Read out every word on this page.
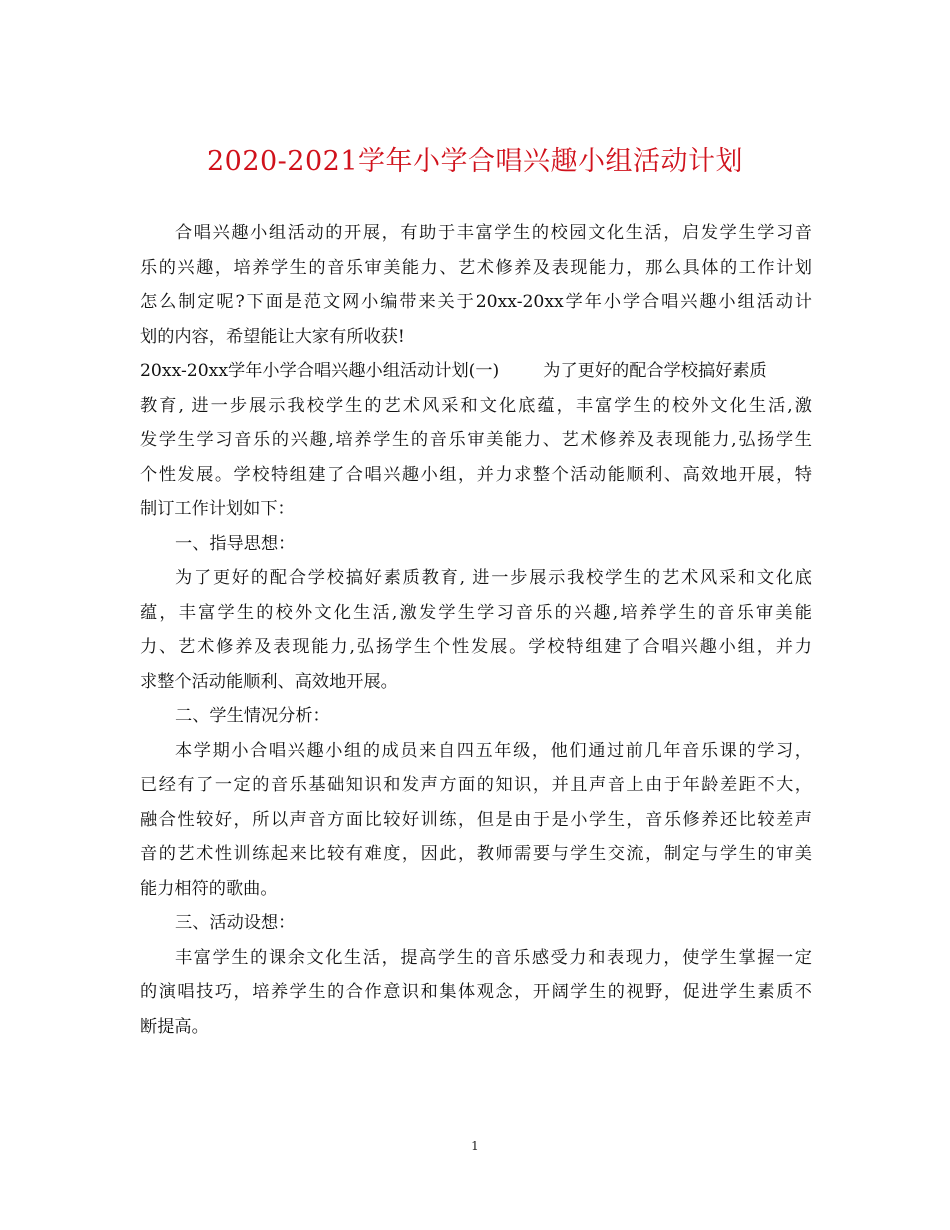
2020-2021学年小学合唱兴趣小组活动计划
合唱兴趣小组活动的开展，有助于丰富学生的校园文化生活，启发学生学习音
乐的兴趣，培养学生的音乐审美能力、艺术修养及表现能力，那么具体的工作计划
怎么制定呢?下面是范文网小编带来关于20xx-20xx学年小学合唱兴趣小组活动计
划的内容，希望能让大家有所收获!
20xx-20xx学年小学合唱兴趣小组活动计划(一)	为了更好的配合学校搞好素质
教育, 进一步展示我校学生的艺术风采和文化底蕴，丰富学生的校外文化生活,激
发学生学习音乐的兴趣,培养学生的音乐审美能力、艺术修养及表现能力,弘扬学生
个性发展。学校特组建了合唱兴趣小组，并力求整个活动能顺利、高效地开展，特
制订工作计划如下：
一、指导思想：
为了更好的配合学校搞好素质教育, 进一步展示我校学生的艺术风采和文化底
蕴，丰富学生的校外文化生活,激发学生学习音乐的兴趣,培养学生的音乐审美能
力、艺术修养及表现能力,弘扬学生个性发展。学校特组建了合唱兴趣小组，并力
求整个活动能顺利、高效地开展。
二、学生情况分析：
本学期小合唱兴趣小组的成员来自四五年级，他们通过前几年音乐课的学习，
已经有了一定的音乐基础知识和发声方面的知识，并且声音上由于年龄差距不大，
融合性较好，所以声音方面比较好训练，但是由于是小学生，音乐修养还比较差声
音的艺术性训练起来比较有难度，因此，教师需要与学生交流，制定与学生的审美
能力相符的歌曲。
三、活动设想：
丰富学生的课余文化生活，提高学生的音乐感受力和表现力，使学生掌握一定
的演唱技巧，培养学生的合作意识和集体观念，开阔学生的视野，促进学生素质不
断提高。
1
